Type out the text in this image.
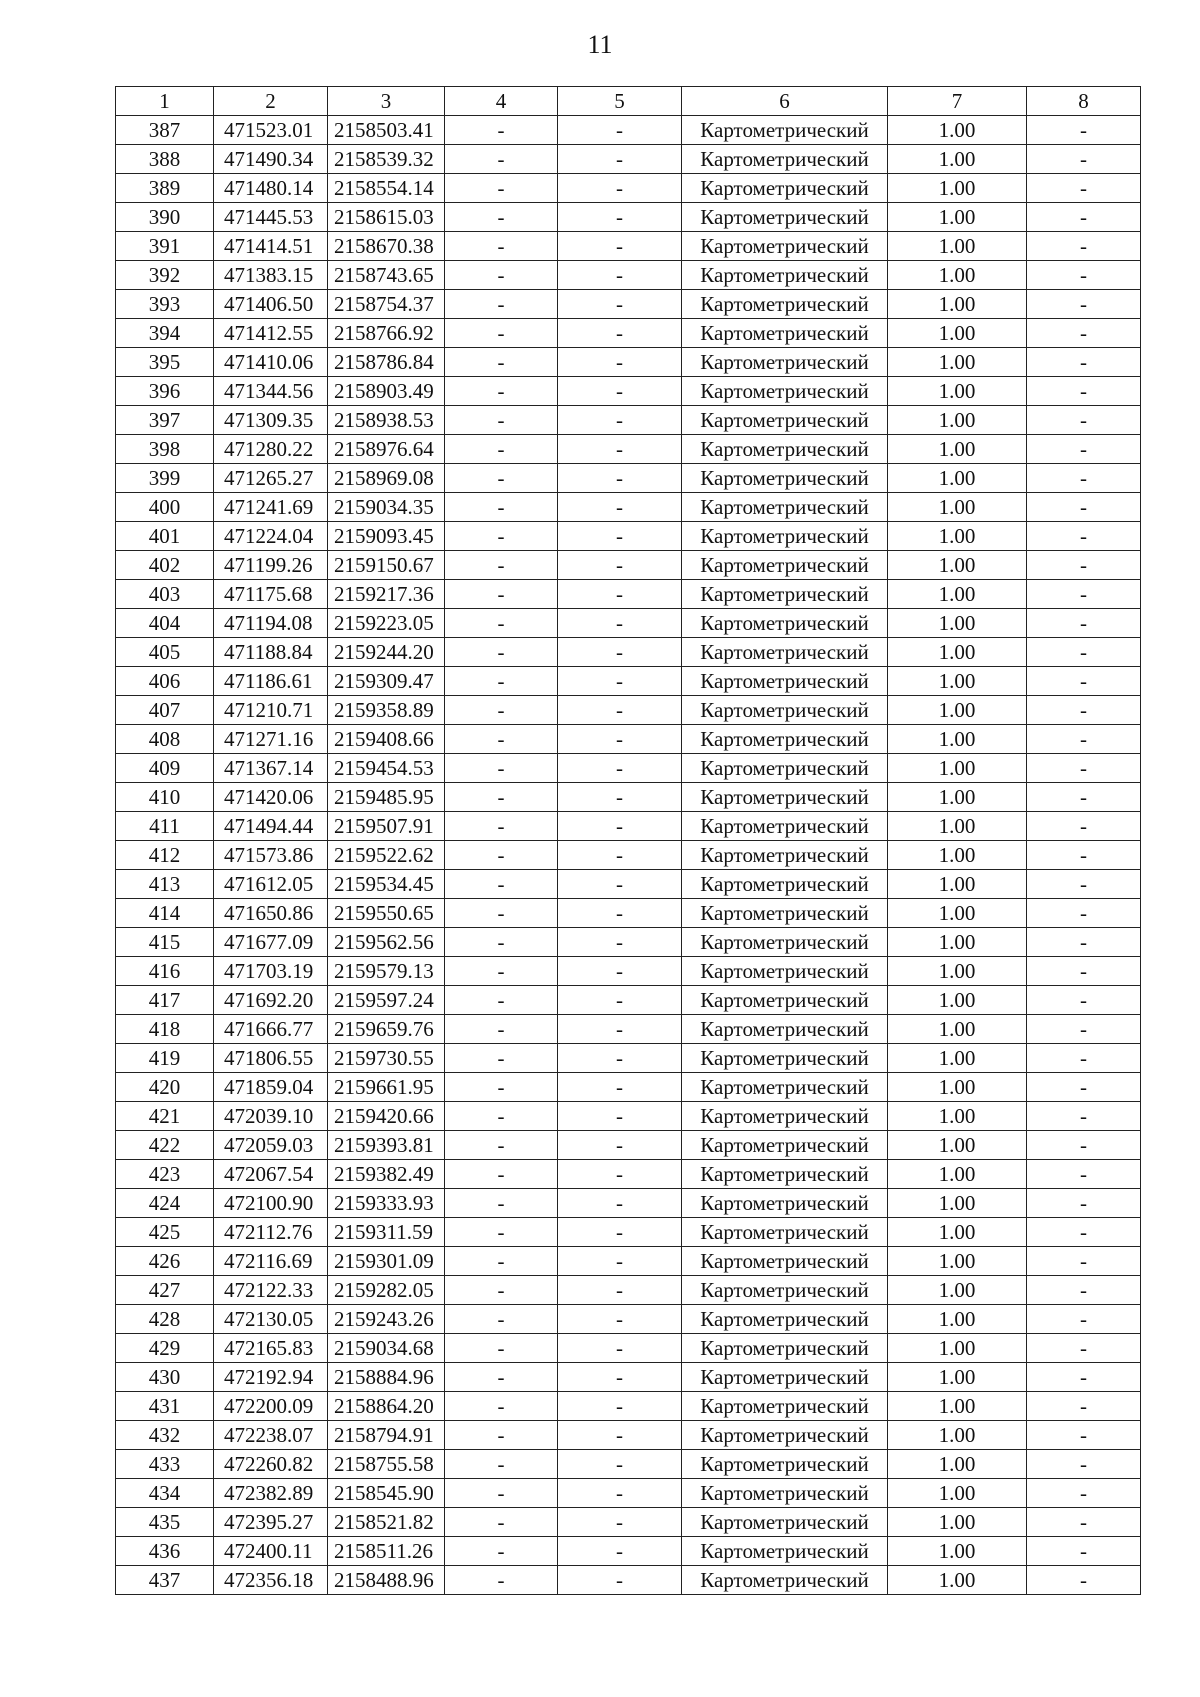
11
1	2	3	4	5	6	7	8
387	471523.01	2158503.41	-	-	Картометрический	1.00	-
388	471490.34	2158539.32	-	-	Картометрический	1.00	-
389	471480.14	2158554.14	-	-	Картометрический	1.00	-
390	471445.53	2158615.03	-	-	Картометрический	1.00	-
391	471414.51	2158670.38	-	-	Картометрический	1.00	-
392	471383.15	2158743.65	-	-	Картометрический	1.00	-
393	471406.50	2158754.37	-	-	Картометрический	1.00	-
394	471412.55	2158766.92	-	-	Картометрический	1.00	-
395	471410.06	2158786.84	-	-	Картометрический	1.00	-
396	471344.56	2158903.49	-	-	Картометрический	1.00	-
397	471309.35	2158938.53	-	-	Картометрический	1.00	-
398	471280.22	2158976.64	-	-	Картометрический	1.00	-
399	471265.27	2158969.08	-	-	Картометрический	1.00	-
400	471241.69	2159034.35	-	-	Картометрический	1.00	-
401	471224.04	2159093.45	-	-	Картометрический	1.00	-
402	471199.26	2159150.67	-	-	Картометрический	1.00	-
403	471175.68	2159217.36	-	-	Картометрический	1.00	-
404	471194.08	2159223.05	-	-	Картометрический	1.00	-
405	471188.84	2159244.20	-	-	Картометрический	1.00	-
406	471186.61	2159309.47	-	-	Картометрический	1.00	-
407	471210.71	2159358.89	-	-	Картометрический	1.00	-
408	471271.16	2159408.66	-	-	Картометрический	1.00	-
409	471367.14	2159454.53	-	-	Картометрический	1.00	-
410	471420.06	2159485.95	-	-	Картометрический	1.00	-
411	471494.44	2159507.91	-	-	Картометрический	1.00	-
412	471573.86	2159522.62	-	-	Картометрический	1.00	-
413	471612.05	2159534.45	-	-	Картометрический	1.00	-
414	471650.86	2159550.65	-	-	Картометрический	1.00	-
415	471677.09	2159562.56	-	-	Картометрический	1.00	-
416	471703.19	2159579.13	-	-	Картометрический	1.00	-
417	471692.20	2159597.24	-	-	Картометрический	1.00	-
418	471666.77	2159659.76	-	-	Картометрический	1.00	-
419	471806.55	2159730.55	-	-	Картометрический	1.00	-
420	471859.04	2159661.95	-	-	Картометрический	1.00	-
421	472039.10	2159420.66	-	-	Картометрический	1.00	-
422	472059.03	2159393.81	-	-	Картометрический	1.00	-
423	472067.54	2159382.49	-	-	Картометрический	1.00	-
424	472100.90	2159333.93	-	-	Картометрический	1.00	-
425	472112.76	2159311.59	-	-	Картометрический	1.00	-
426	472116.69	2159301.09	-	-	Картометрический	1.00	-
427	472122.33	2159282.05	-	-	Картометрический	1.00	-
428	472130.05	2159243.26	-	-	Картометрический	1.00	-
429	472165.83	2159034.68	-	-	Картометрический	1.00	-
430	472192.94	2158884.96	-	-	Картометрический	1.00	-
431	472200.09	2158864.20	-	-	Картометрический	1.00	-
432	472238.07	2158794.91	-	-	Картометрический	1.00	-
433	472260.82	2158755.58	-	-	Картометрический	1.00	-
434	472382.89	2158545.90	-	-	Картометрический	1.00	-
435	472395.27	2158521.82	-	-	Картометрический	1.00	-
436	472400.11	2158511.26	-	-	Картометрический	1.00	-
437	472356.18	2158488.96	-	-	Картометрический	1.00	-
